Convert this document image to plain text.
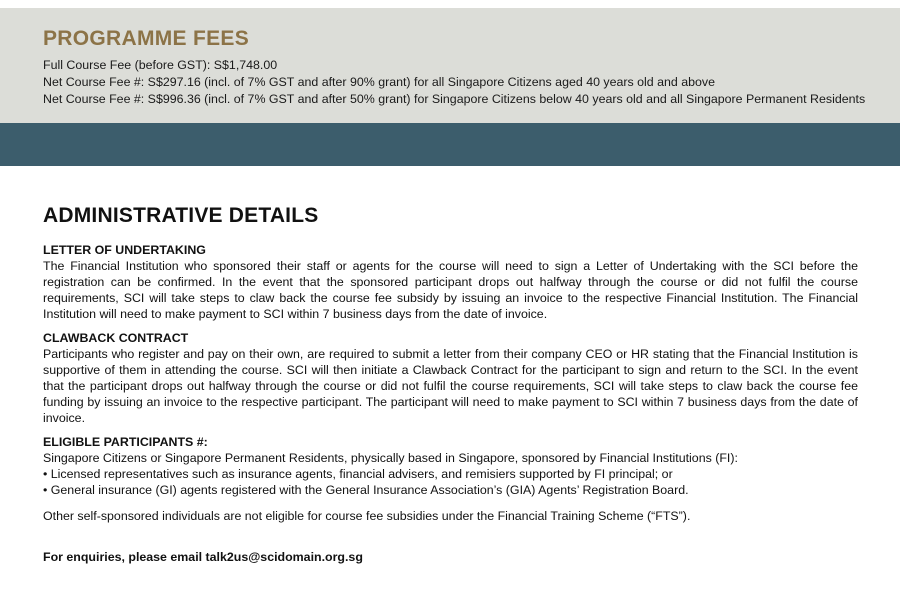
PROGRAMME FEES
Full Course Fee (before GST): S$1,748.00
Net Course Fee #: S$297.16 (incl. of 7% GST and after 90% grant) for all Singapore Citizens aged 40 years old and above
Net Course Fee #: S$996.36 (incl. of 7% GST and after 50% grant) for Singapore Citizens below 40 years old and all Singapore Permanent Residents
ADMINISTRATIVE DETAILS
LETTER OF UNDERTAKING
The Financial Institution who sponsored their staff or agents for the course will need to sign a Letter of Undertaking with the SCI before the registration can be confirmed. In the event that the sponsored participant drops out halfway through the course or did not fulfil the course requirements, SCI will take steps to claw back the course fee subsidy by issuing an invoice to the respective Financial Institution. The Financial Institution will need to make payment to SCI within 7 business days from the date of invoice.
CLAWBACK CONTRACT
Participants who register and pay on their own, are required to submit a letter from their company CEO or HR stating that the Financial Institution is supportive of them in attending the course. SCI will then initiate a Clawback Contract for the participant to sign and return to the SCI. In the event that the participant drops out halfway through the course or did not fulfil the course requirements, SCI will take steps to claw back the course fee funding by issuing an invoice to the respective participant. The participant will need to make payment to SCI within 7 business days from the date of invoice.
ELIGIBLE PARTICIPANTS #:
Singapore Citizens or Singapore Permanent Residents, physically based in Singapore, sponsored by Financial Institutions (FI):
• Licensed representatives such as insurance agents, financial advisers, and remisiers supported by FI principal; or
• General insurance (GI) agents registered with the General Insurance Association’s (GIA) Agents’ Registration Board.
Other self-sponsored individuals are not eligible for course fee subsidies under the Financial Training Scheme (“FTS”).
For enquiries, please email talk2us@scidomain.org.sg
